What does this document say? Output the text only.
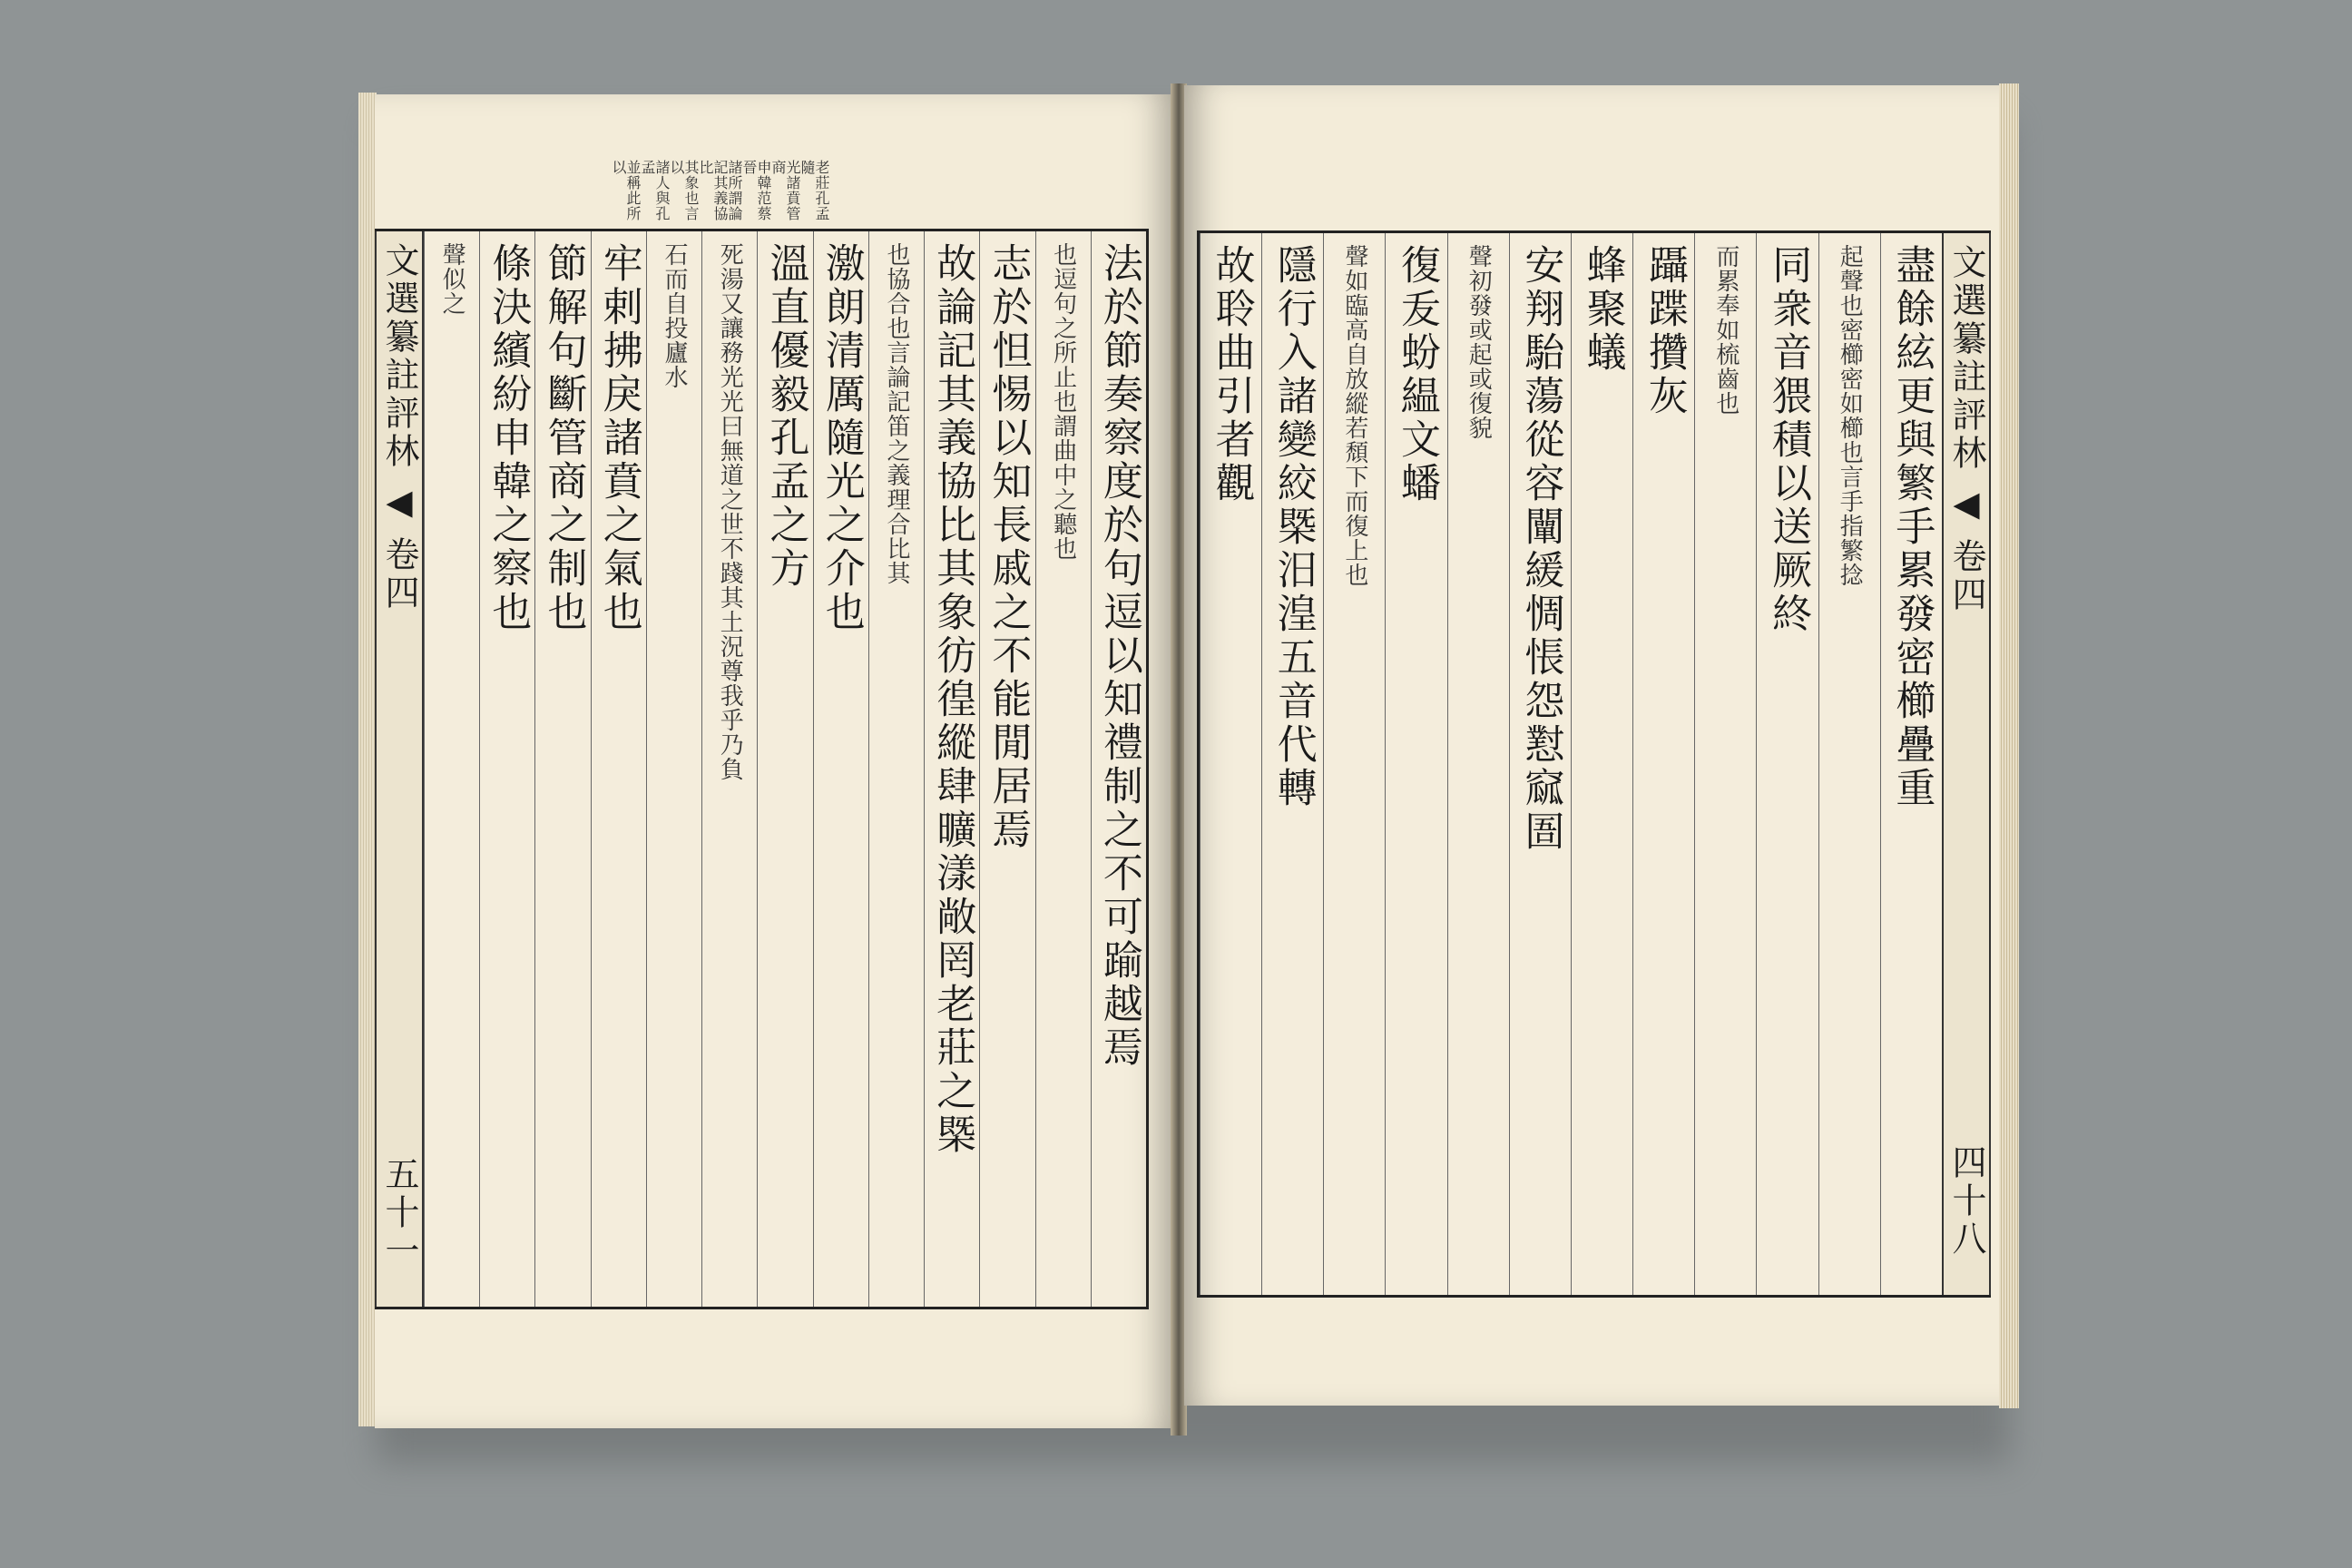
法於節奏察度於句逗以知禮制之不可踰越焉
也逗句之所止也謂曲中之聽也
志於怛惕以知長戚之不能閒居焉
故論記其義協比其象彷徨縱肆曠漾敞罔老莊之槩
也協合也言論記笛之義理合比其
激朗清厲隨光之介也
溫直優毅孔孟之方
死湯又讓務光光曰無道之世不踐其土況尊我乎乃負
石而自投廬水
牢剌拂戾諸賁之氣也
節解句斷管商之制也
條決繽紛申韓之察也
聲似之
文選纂註評林
◀
卷四
五十一
老莊孔孟隨
光諸賁管商
申韓范蔡晉
諸所謂論
記其義協比
其象也言以
諸人與孔孟
並稱此所以
文選纂註評林
◀
卷四
四十八
盡餘絃更與繁手累發密櫛疊重
起聲也密櫛密如櫛也言手指繁捻
同衆音猥積以送厥終
而累奉如梳齒也
躡蹀攢灰
蜂聚蟻
安翔駘蕩從容闡緩惆悵怨懟窳圄
聲初發或起或復貌
復叐蚡緼文蟠
聲如臨高自放縱若頹下而復上也
隱行入諸變絞槩汨湟五音代轉
故聆曲引者觀
